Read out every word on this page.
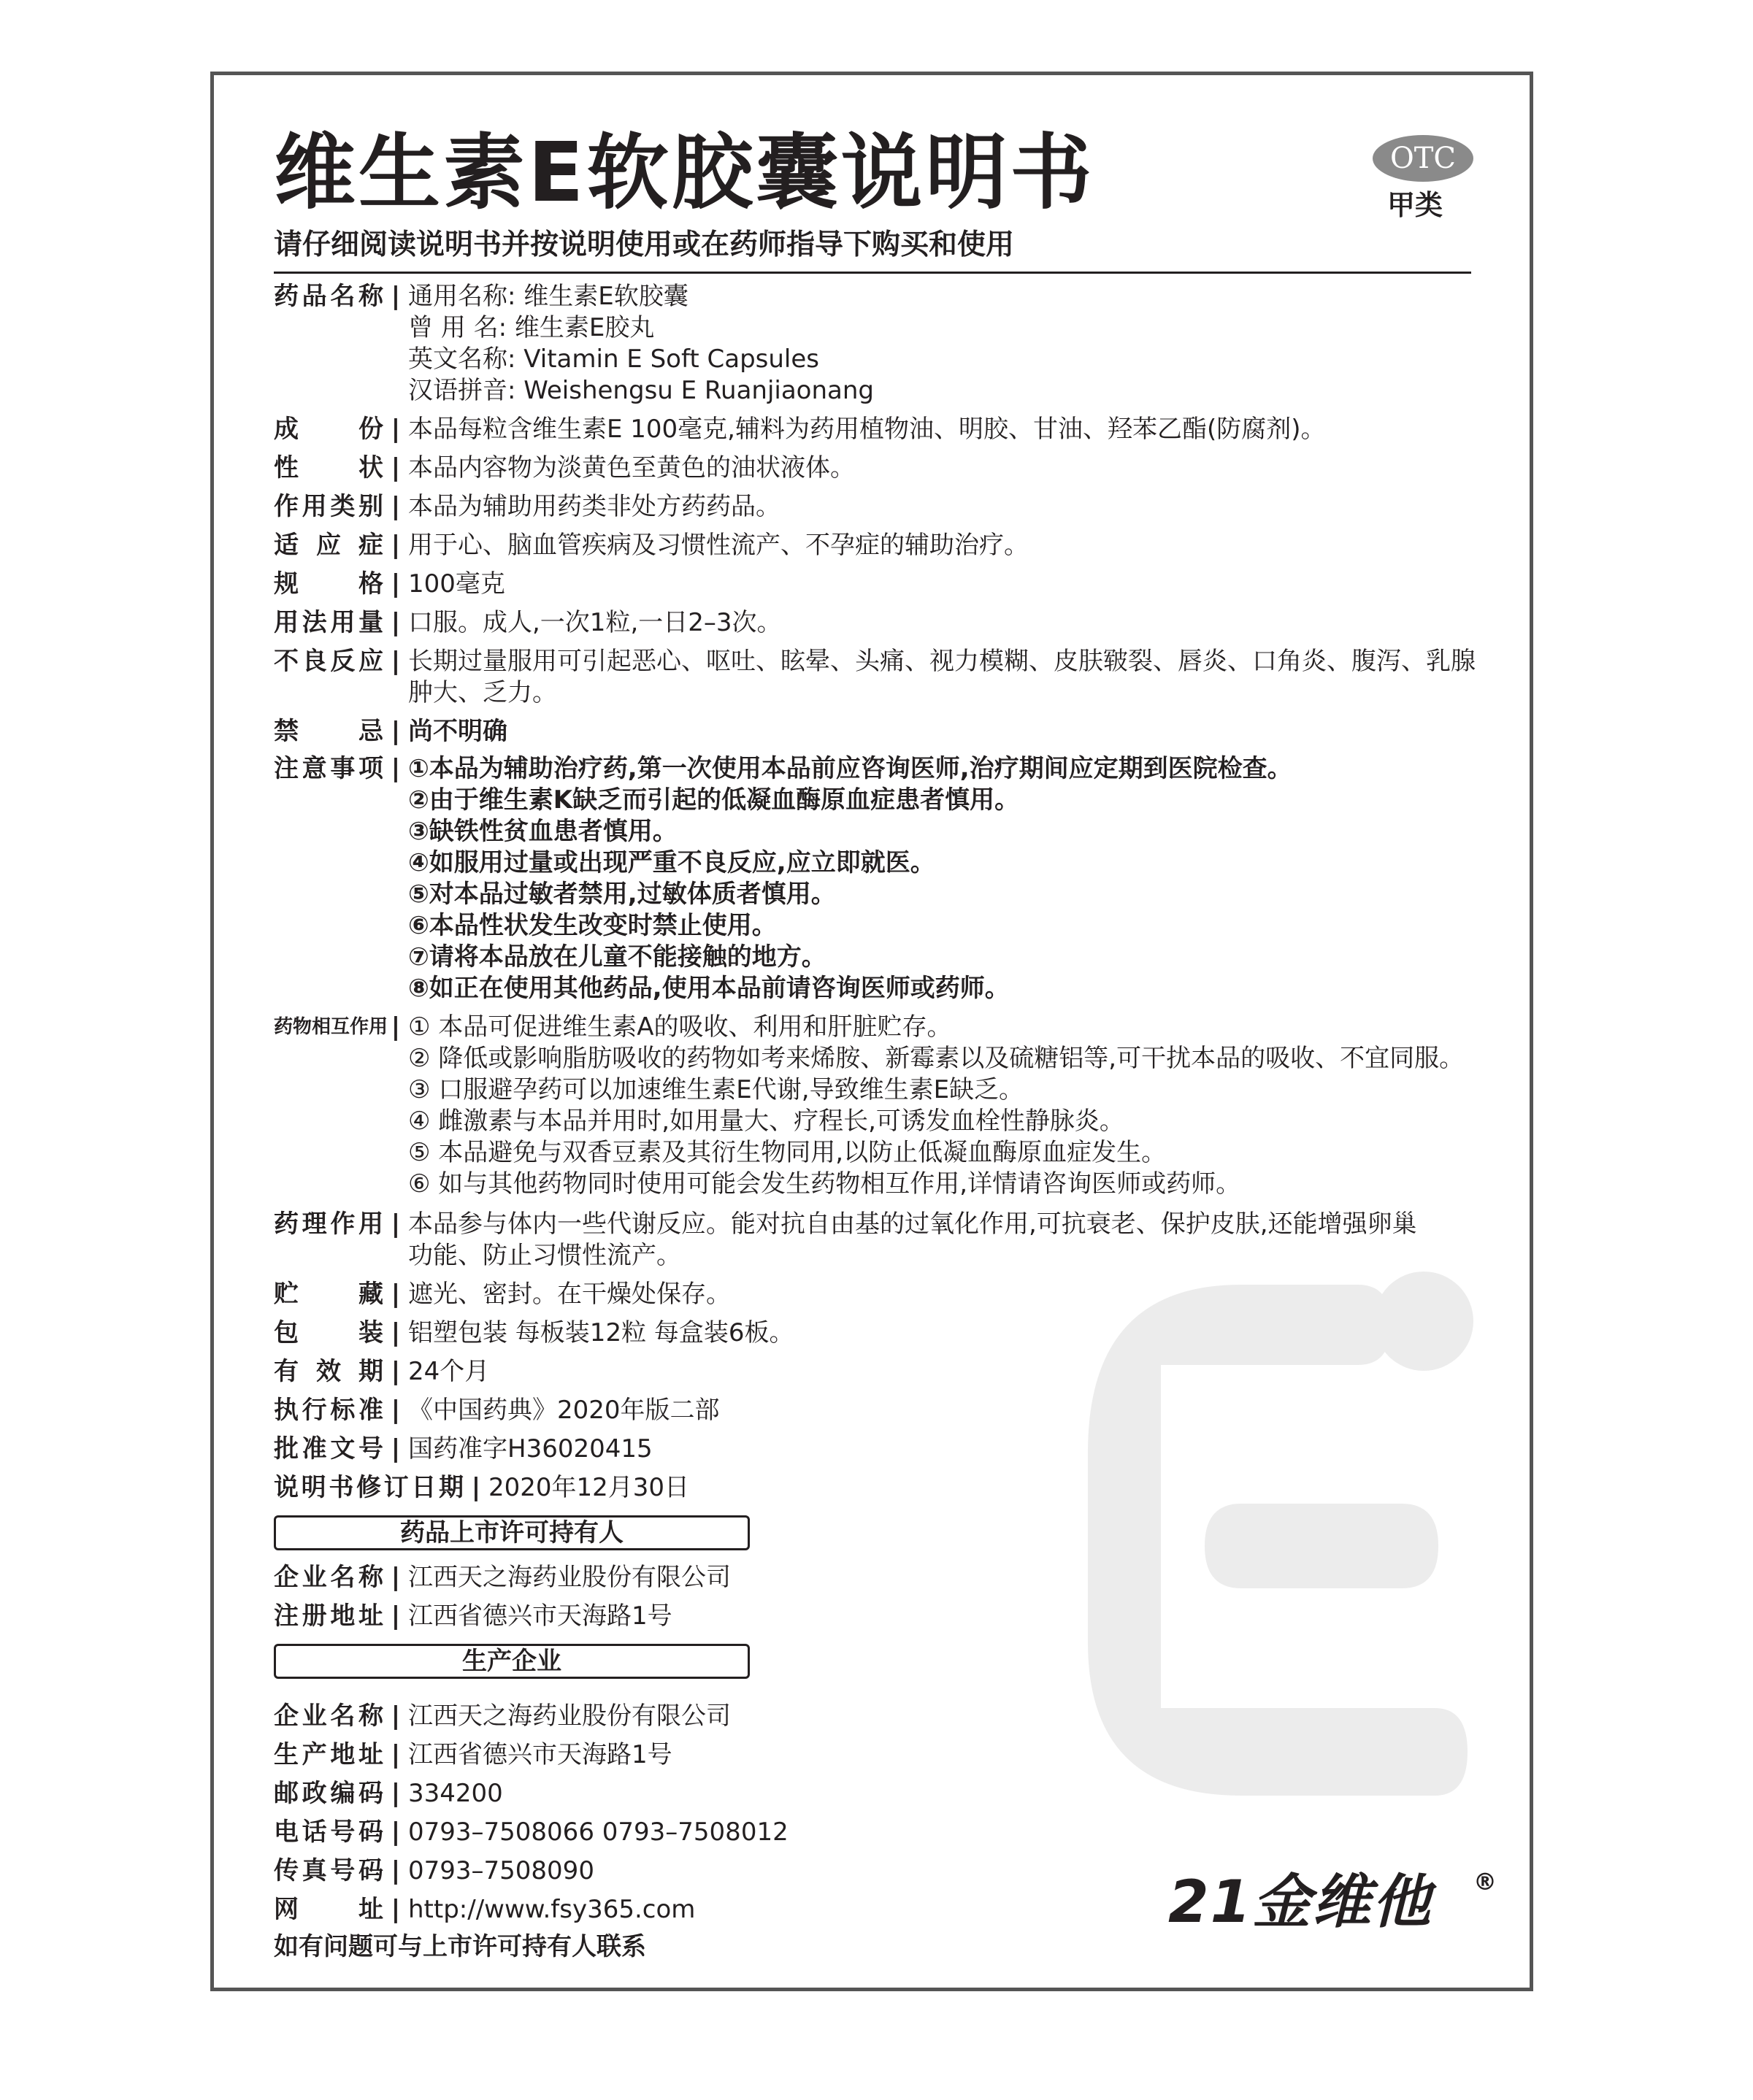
维生素E软胶囊说明书
请仔细阅读说明书并按说明使用或在药师指导下购买和使用
OTC
甲类
药品名称 | 通用名称: 维生素E软胶囊
曾 用 名: 维生素E胶丸
英文名称: Vitamin E Soft Capsules
汉语拼音: Weishengsu E Ruanjiaonang
成份 | 本品每粒含维生素E 100毫克,辅料为药用植物油、明胶、甘油、羟苯乙酯(防腐剂)。
性状 | 本品内容物为淡黄色至黄色的油状液体。
作用类别 | 本品为辅助用药类非处方药药品。
适应症 | 用于心、脑血管疾病及习惯性流产、不孕症的辅助治疗。
规格 | 100毫克
用法用量 | 口服。成人,一次1粒,一日2–3次。
不良反应 | 长期过量服用可引起恶心、呕吐、眩晕、头痛、视力模糊、皮肤皲裂、唇炎、口角炎、腹泻、乳腺
肿大、乏力。
禁忌 | 尚不明确
注意事项 | ①本品为辅助治疗药,第一次使用本品前应咨询医师,治疗期间应定期到医院检查。
②由于维生素K缺乏而引起的低凝血酶原血症患者慎用。
③缺铁性贫血患者慎用。
④如服用过量或出现严重不良反应,应立即就医。
⑤对本品过敏者禁用,过敏体质者慎用。
⑥本品性状发生改变时禁止使用。
⑦请将本品放在儿童不能接触的地方。
⑧如正在使用其他药品,使用本品前请咨询医师或药师。
药物相互作用 | ① 本品可促进维生素A的吸收、利用和肝脏贮存。
② 降低或影响脂肪吸收的药物如考来烯胺、新霉素以及硫糖铝等,可干扰本品的吸收、不宜同服。
③ 口服避孕药可以加速维生素E代谢,导致维生素E缺乏。
④ 雌激素与本品并用时,如用量大、疗程长,可诱发血栓性静脉炎。
⑤ 本品避免与双香豆素及其衍生物同用,以防止低凝血酶原血症发生。
⑥ 如与其他药物同时使用可能会发生药物相互作用,详情请咨询医师或药师。
药理作用 | 本品参与体内一些代谢反应。能对抗自由基的过氧化作用,可抗衰老、保护皮肤,还能增强卵巢
功能、防止习惯性流产。
贮藏 | 遮光、密封。在干燥处保存。
包装 | 铝塑包装 每板装12粒 每盒装6板。
有效期 | 24个月
执行标准 | 《中国药典》2020年版二部
批准文号 | 国药准字H36020415
说明书修订日期 | 2020年12月30日
药品上市许可持有人
企业名称 | 江西天之海药业股份有限公司
注册地址 | 江西省德兴市天海路1号
生产企业
企业名称 | 江西天之海药业股份有限公司
生产地址 | 江西省德兴市天海路1号
邮政编码 | 334200
电话号码 | 0793–7508066 0793–7508012
传真号码 | 0793–7508090
网址 | http://www.fsy365.com
如有问题可与上市许可持有人联系
21金维他 ®
